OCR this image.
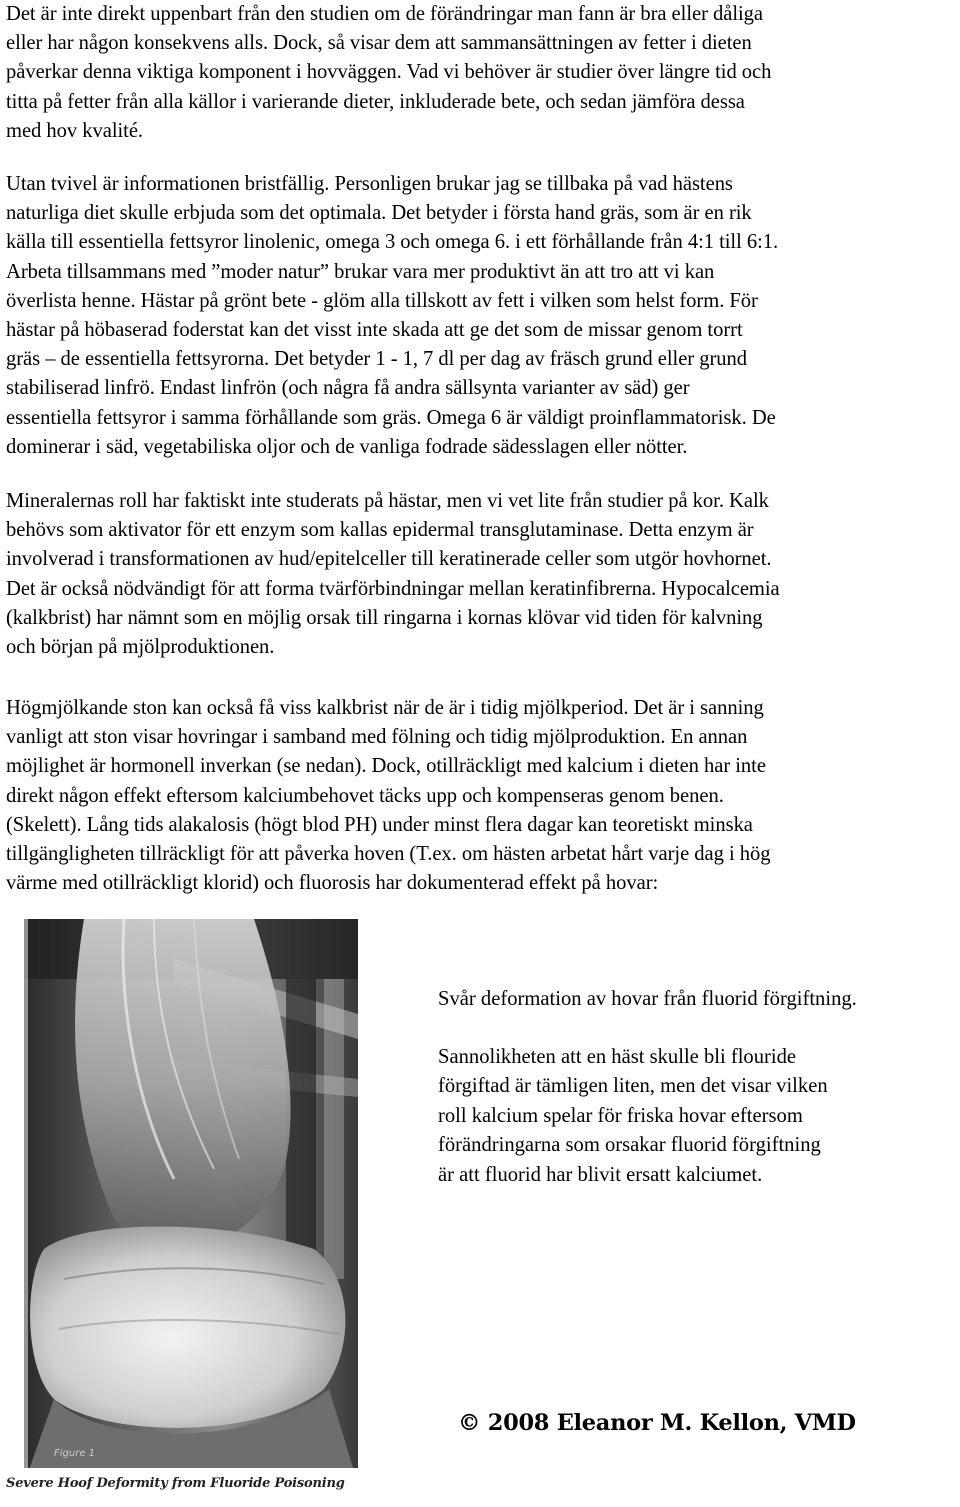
Det är inte direkt uppenbart från den studien om de förändringar man fann är bra eller dåliga
eller har någon konsekvens alls. Dock, så visar dem att sammansättningen av fetter i dieten
påverkar denna viktiga komponent i hovväggen. Vad vi behöver är studier över längre tid och
titta på fetter från alla källor i varierande dieter, inkluderade bete, och sedan jämföra dessa
med hov kvalité.

Utan tvivel är informationen bristfällig. Personligen brukar jag se tillbaka på vad hästens
naturliga diet skulle erbjuda som det optimala. Det betyder i första hand gräs, som är en rik
källa till essentiella fettsyror linolenic, omega 3 och omega 6. i ett förhållande från 4:1 till 6:1.
Arbeta tillsammans med ”moder natur” brukar vara mer produktivt än att tro att vi kan
överlista henne. Hästar på grönt bete - glöm alla tillskott av fett i vilken som helst form. För
hästar på höbaserad foderstat kan det visst inte skada att ge det som de missar genom torrt
gräs – de essentiella fettsyrorna. Det betyder 1 - 1, 7 dl per dag av fräsch grund eller grund
stabiliserad linfrö. Endast linfrön (och några få andra sällsynta varianter av säd) ger
essentiella fettsyror i samma förhållande som gräs. Omega 6 är väldigt proinflammatorisk. De
dominerar i säd, vegetabiliska oljor och de vanliga fodrade sädesslagen eller nötter.

Mineralernas roll har faktiskt inte studerats på hästar, men vi vet lite från studier på kor. Kalk
behövs som aktivator för ett enzym som kallas epidermal transglutaminase. Detta enzym är
involverad i transformationen av hud/epitelceller till keratinerade celler som utgör hovhornet.
Det är också nödvändigt för att forma tvärförbindningar mellan keratinfibrerna. Hypocalcemia
(kalkbrist) har nämnt som en möjlig orsak till ringarna i kornas klövar vid tiden för kalvning
och början på mjölproduktionen.

Högmjölkande ston kan också få viss kalkbrist när de är i tidig mjölkperiod. Det är i sanning
vanligt att ston visar hovringar i samband med fölning och tidig mjölproduktion. En annan
möjlighet är hormonell inverkan (se nedan). Dock, otillräckligt med kalcium i dieten har inte
direkt någon effekt eftersom kalciumbehovet täcks upp och kompenseras genom benen.
(Skelett). Lång tids alakalosis (högt blod PH) under minst flera dagar kan teoretiskt minska
tillgängligheten tillräckligt för att påverka hoven (T.ex. om hästen arbetat hårt varje dag i hög
värme med otillräckligt klorid) och fluorosis har dokumenterad effekt på hovar:

Figure 1
Severe Hoof Deformity from Fluoride Poisoning

Svår deformation av hovar från fluorid förgiftning.

Sannolikheten att en häst skulle bli flouride
förgiftad är tämligen liten, men det visar vilken
roll kalcium spelar för friska hovar eftersom
förändringarna som orsakar fluorid förgiftning
är att fluorid har blivit ersatt kalciumet.
© 2008 Eleanor M. Kellon, VMD
